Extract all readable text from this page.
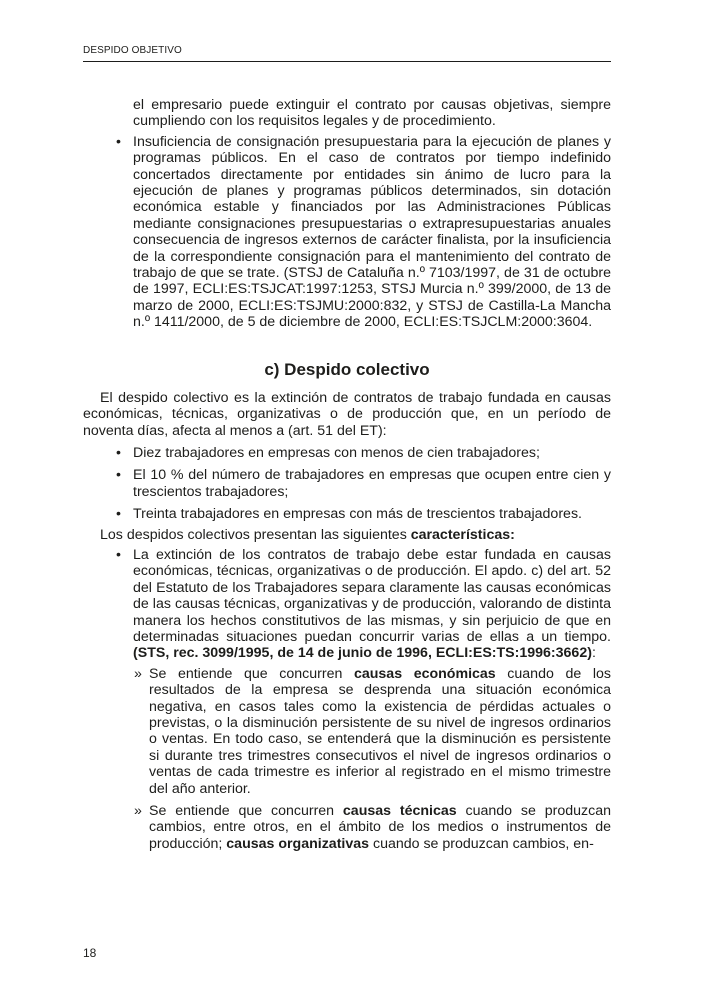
DESPIDO OBJETIVO

el empresario puede extinguir el contrato por causas objetivas, siempre cumpliendo con los requisitos legales y de procedimiento.

• Insuficiencia de consignación presupuestaria para la ejecución de planes y programas públicos. En el caso de contratos por tiempo indefinido concertados directamente por entidades sin ánimo de lucro para la ejecución de planes y programas públicos determinados, sin dotación económica estable y financiados por las Administraciones Públicas mediante consignaciones presupuestarias o extrapresupuestarias anuales consecuencia de ingresos externos de carácter finalista, por la insuficiencia de la correspondiente consignación para el mantenimiento del contrato de trabajo de que se trate. (STSJ de Cataluña n.º 7103/1997, de 31 de octubre de 1997, ECLI:ES:TSJCAT:1997:1253, STSJ Murcia n.º 399/2000, de 13 de marzo de 2000, ECLI:ES:TSJMU:2000:832, y STSJ de Castilla-La Mancha n.º 1411/2000, de 5 de diciembre de 2000, ECLI:ES:TSJCLM:2000:3604.

c) Despido colectivo

El despido colectivo es la extinción de contratos de trabajo fundada en causas económicas, técnicas, organizativas o de producción que, en un período de noventa días, afecta al menos a (art. 51 del ET):

• Diez trabajadores en empresas con menos de cien trabajadores;

• El 10 % del número de trabajadores en empresas que ocupen entre cien y trescientos trabajadores;

• Treinta trabajadores en empresas con más de trescientos trabajadores.

Los despidos colectivos presentan las siguientes características:

• La extinción de los contratos de trabajo debe estar fundada en causas económicas, técnicas, organizativas o de producción. El apdo. c) del art. 52 del Estatuto de los Trabajadores separa claramente las causas económicas de las causas técnicas, organizativas y de producción, valorando de distinta manera los hechos constitutivos de las mismas, y sin perjuicio de que en determinadas situaciones puedan concurrir varias de ellas a un tiempo. (STS, rec. 3099/1995, de 14 de junio de 1996, ECLI:ES:TS:1996:3662):

» Se entiende que concurren causas económicas cuando de los resultados de la empresa se desprenda una situación económica negativa, en casos tales como la existencia de pérdidas actuales o previstas, o la disminución persistente de su nivel de ingresos ordinarios o ventas. En todo caso, se entenderá que la disminución es persistente si durante tres trimestres consecutivos el nivel de ingresos ordinarios o ventas de cada trimestre es inferior al registrado en el mismo trimestre del año anterior.

» Se entiende que concurren causas técnicas cuando se produzcan cambios, entre otros, en el ámbito de los medios o instrumentos de producción; causas organizativas cuando se produzcan cambios, en-

18
